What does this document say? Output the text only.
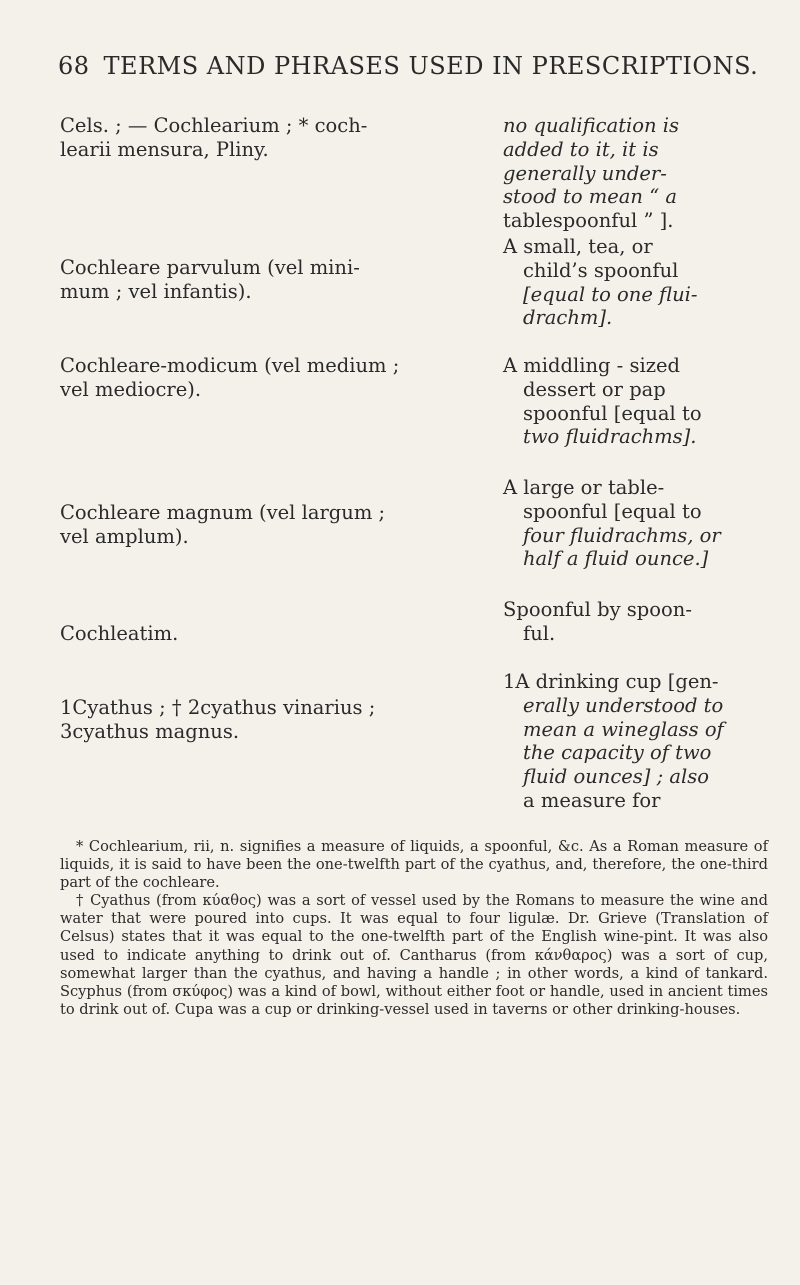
68 TERMS AND PHRASES USED IN PRESCRIPTIONS.
Cels. ; — Cochlearium ; * coch-
learii mensura, Pliny.
Cochleare parvulum (vel mini-
mum ; vel infantis).
Cochleare-modicum (vel medium ;
vel mediocre).
Cochleare magnum (vel largum ;
vel amplum).
Cochleatim.
1Cyathus ; † 2cyathus vinarius ;
3cyathus magnus.
no qualification is
added to it, it is
generally under-
stood to mean “ a
tablespoonful ” ].
A small, tea, or
child’s spoonful
[equal to one flui-
drachm].
A middling - sized
dessert or pap
spoonful [equal to
two fluidrachms].
A large or table-
spoonful [equal to
four fluidrachms, or
half a fluid ounce.]
Spoonful by spoon-
ful.
1A drinking cup [gen-
erally understood to
mean a wineglass of
the capacity of two
fluid ounces] ; also
a measure for

* Cochlearium, rii, n. signifies a measure of liquids, a spoonful, &c. As a Roman measure of liquids, it is said to have been the one-twelfth part of the cyathus, and, therefore, the one-third part of the cochleare.

† Cyathus (from κύαθος) was a sort of vessel used by the Romans to measure the wine and water that were poured into cups. It was equal to four ligulæ. Dr. Grieve (Translation of Celsus) states that it was equal to the one-twelfth part of the English wine-pint. It was also used to indicate anything to drink out of. Cantharus (from κάνθαρος) was a sort of cup, somewhat larger than the cyathus, and having a handle ; in other words, a kind of tankard. Scyphus (from σκύφος) was a kind of bowl, without either foot or handle, used in ancient times to drink out of. Cupa was a cup or drinking-vessel used in taverns or other drinking-houses.
